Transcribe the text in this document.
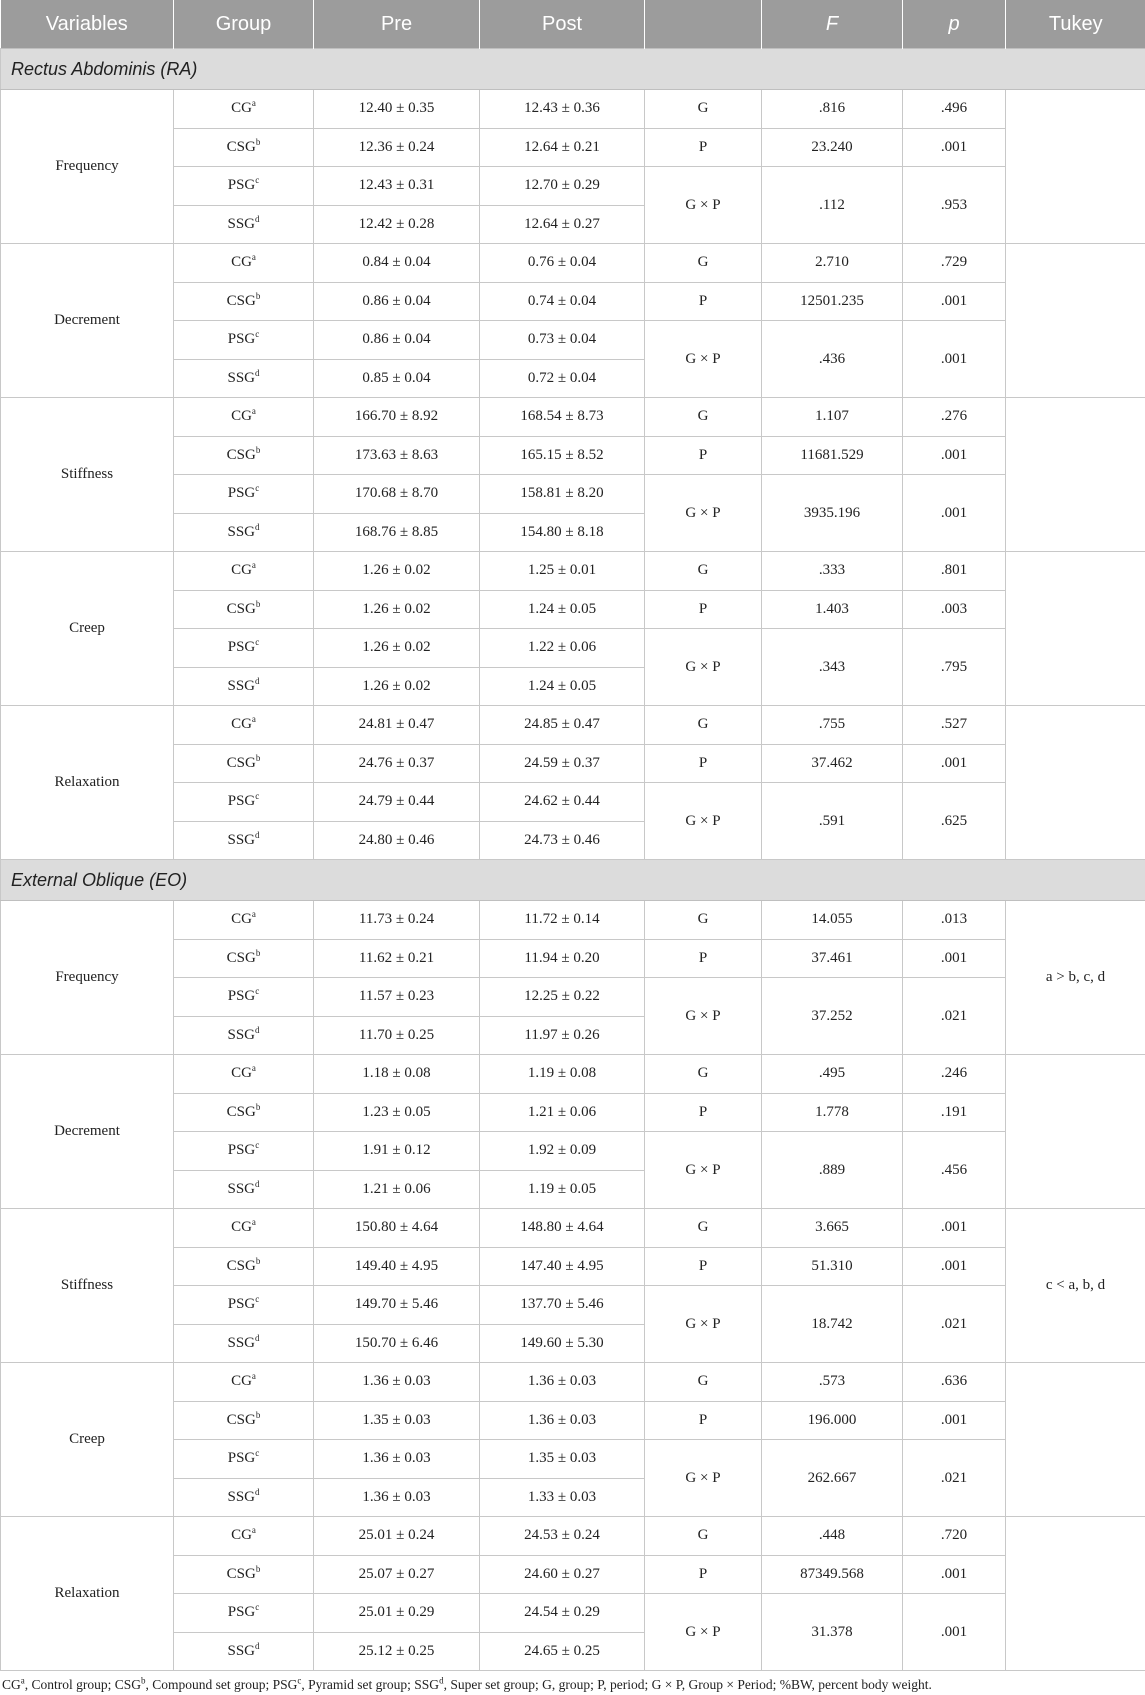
Variables	Group	Pre	Post		F	p	Tukey
Rectus Abdominis (RA)							
Frequency	$CG^a$	12.40 ± 0.35	12.43 ± 0.36	G	.816	.496	
	CSG$^b$	12.36 ± 0.24	12.64 ± 0.21	P	23.240	.001	
	PSG$^c$	12.43 ± 0.31	12.70 ± 0.29	G × P	.112	.953	
	SSG$^d$	12.42 ± 0.28	12.64 ± 0.27				
Decrement	$CG^a$	0.84 ± 0.04	0.76 ± 0.04	G	2.710	.729	
	CSG$^b$	0.86 ± 0.04	0.74 ± 0.04	P	12501.235	.001	
	PSG$^c$	0.86 ± 0.04	0.73 ± 0.04	G × P	.436	.001	
	SSG$^d$	0.85 ± 0.04	0.72 ± 0.04				
Stiffness	$CG^a$	166.70 ± 8.92	168.54 ± 8.73	G	1.107	.276	
	CSG$^b$	173.63 ± 8.63	165.15 ± 8.52	P	11681.529	.001	
	PSG$^c$	170.68 ± 8.70	158.81 ± 8.20	G × P	3935.196	.001	
	SSG$^d$	168.76 ± 8.85	154.80 ± 8.18				
Creep	$CG^a$	1.26 ± 0.02	1.25 ± 0.01	G	.333	.801	
	CSG$^b$	1.26 ± 0.02	1.24 ± 0.05	P	1.403	.003	
	PSG$^c$	1.26 ± 0.02	1.22 ± 0.06	G × P	.343	.795	
	SSG$^d$	1.26 ± 0.02	1.24 ± 0.05				
Relaxation	$CG^a$	24.81 ± 0.47	24.85 ± 0.47	G	.755	.527	
	CSG$^b$	24.76 ± 0.37	24.59 ± 0.37	P	37.462	.001	
	PSG$^c$	24.79 ± 0.44	24.62 ± 0.44	G × P	.591	.625	
	SSG$^d$	24.80 ± 0.46	24.73 ± 0.46				
External Oblique (EO)							
Frequency	$CG^a$	11.73 ± 0.24	11.72 ± 0.14	G	14.055	.013	a > b, c, d
	CSG$^b$	11.62 ± 0.21	11.94 ± 0.20	P	37.461	.001	
	PSG$^c$	11.57 ± 0.23	12.25 ± 0.22	G × P	37.252	.021	
	SSG$^d$	11.70 ± 0.25	11.97 ± 0.26				
Decrement	$CG^a$	1.18 ± 0.08	1.19 ± 0.08	G	.495	.246	
	CSG$^b$	1.23 ± 0.05	1.21 ± 0.06	P	1.778	.191	
	PSG$^c$	1.91 ± 0.12	1.92 ± 0.09	G × P	.889	.456	
	SSG$^d$	1.21 ± 0.06	1.19 ± 0.05				
Stiffness	$CG^a$	150.80 ± 4.64	148.80 ± 4.64	G	3.665	.001	c < a, b, d
	CSG$^b$	149.40 ± 4.95	147.40 ± 4.95	P	51.310	.001	
	PSG$^c$	149.70 ± 5.46	137.70 ± 5.46	G × P	18.742	.021	
	SSG$^d$	150.70 ± 6.46	149.60 ± 5.30				
Creep	$CG^a$	1.36 ± 0.03	1.36 ± 0.03	G	.573	.636	
	CSG$^b$	1.35 ± 0.03	1.36 ± 0.03	P	196.000	.001	
	PSG$^c$	1.36 ± 0.03	1.35 ± 0.03	G × P	262.667	.021	
	SSG$^d$	1.36 ± 0.03	1.33 ± 0.03				
Relaxation	$CG^a$	25.01 ± 0.24	24.53 ± 0.24	G	.448	.720	
	CSG$^b$	25.07 ± 0.27	24.60 ± 0.27	P	87349.568	.001	
	PSG$^c$	25.01 ± 0.29	24.54 ± 0.29	G × P	31.378	.001	
	SSG$^d$	25.12 ± 0.25	24.65 ± 0.25				
$CG^a$, Control group; CSG$^b$, Compound set group; PSG$^c$, Pyramid set group; SSG$^d$, Super set group; G, group; P, period; G × P, Group × Period; %BW, percent body weight.
